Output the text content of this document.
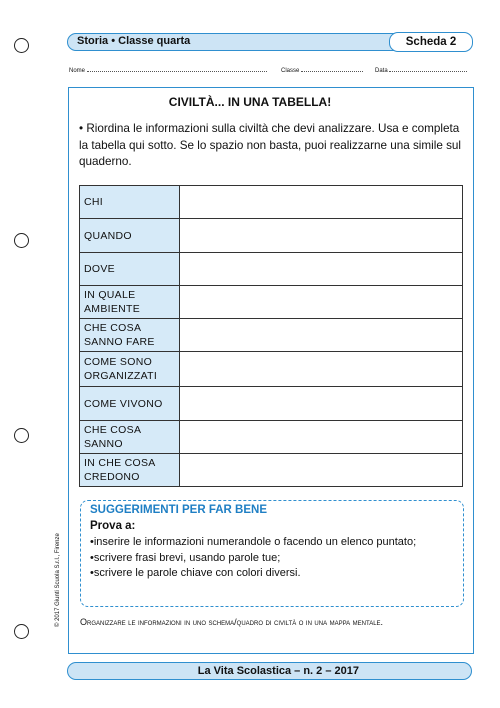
Storia • Classe quarta	Scheda 2
Nome	Classe	Data
CIVILTÀ... IN UNA TABELLA!
• Riordina le informazioni sulla civiltà che devi analizzare. Usa e completa la tabella qui sotto. Se lo spazio non basta, puoi realizzarne una simile sul quaderno.
CHI	
QUANDO	
DOVE	
IN QUALE AMBIENTE	
CHE COSA SANNO FARE	
COME SONO ORGANIZZATI	
COME VIVONO	
CHE COSA SANNO	
IN CHE COSA CREDONO	
SUGGERIMENTI PER FAR BENE
Prova a:
• inserire le informazioni numerandole o facendo un elenco puntato;
• scrivere frasi brevi, usando parole tue;
• scrivere le parole chiave con colori diversi.
Organizzare le informazioni in uno schema/quadro di civiltà o in una mappa mentale.
© 2017 Giunti Scuola S.r.l., Firenze
La Vita Scolastica – n. 2 – 2017
